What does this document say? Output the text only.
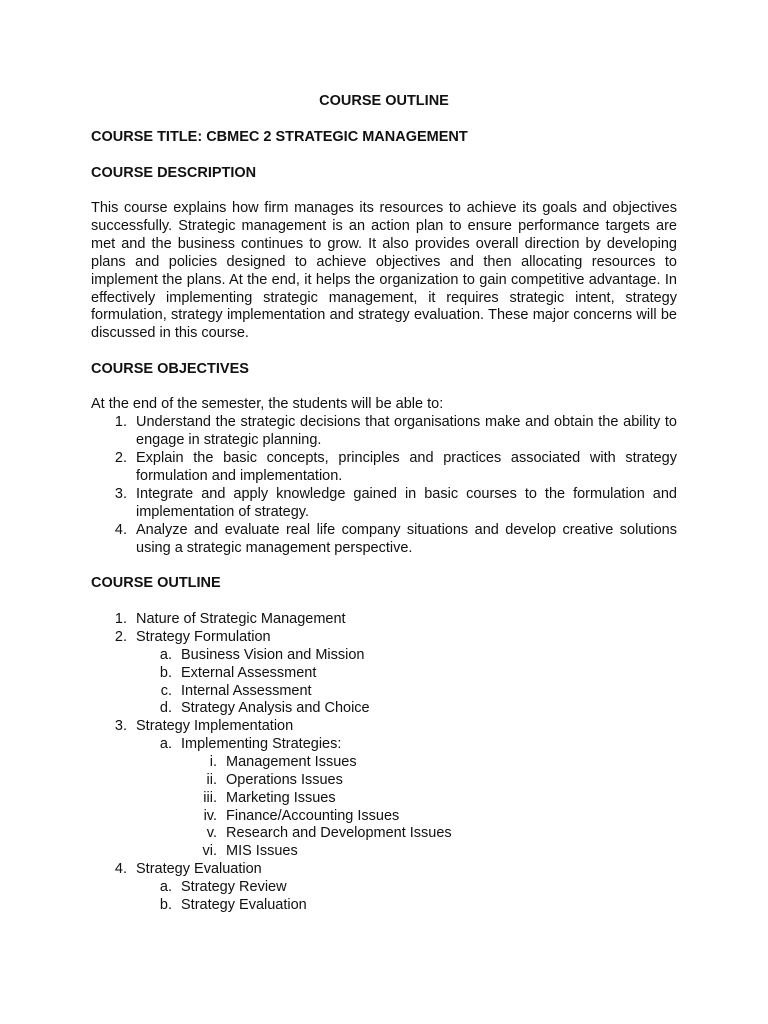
COURSE OUTLINE
COURSE TITLE: CBMEC 2 STRATEGIC MANAGEMENT
COURSE DESCRIPTION
This course explains how firm manages its resources to achieve its goals and objectives successfully. Strategic management is an action plan to ensure performance targets are met and the business continues to grow. It also provides overall direction by developing plans and policies designed to achieve objectives and then allocating resources to implement the plans. At the end, it helps the organization to gain competitive advantage. In effectively implementing strategic management, it requires strategic intent, strategy formulation, strategy implementation and strategy evaluation. These major concerns will be discussed in this course.
COURSE OBJECTIVES
At the end of the semester, the students will be able to:
1. Understand the strategic decisions that organisations make and obtain the ability to engage in strategic planning.
2. Explain the basic concepts, principles and practices associated with strategy formulation and implementation.
3. Integrate and apply knowledge gained in basic courses to the formulation and implementation of strategy.
4. Analyze and evaluate real life company situations and develop creative solutions using a strategic management perspective.
COURSE OUTLINE
1. Nature of Strategic Management
2. Strategy Formulation
a. Business Vision and Mission
b. External Assessment
c. Internal Assessment
d. Strategy Analysis and Choice
3. Strategy Implementation
a. Implementing Strategies:
i. Management Issues
ii. Operations Issues
iii. Marketing Issues
iv. Finance/Accounting Issues
v. Research and Development Issues
vi. MIS Issues
4. Strategy Evaluation
a. Strategy Review
b. Strategy Evaluation
